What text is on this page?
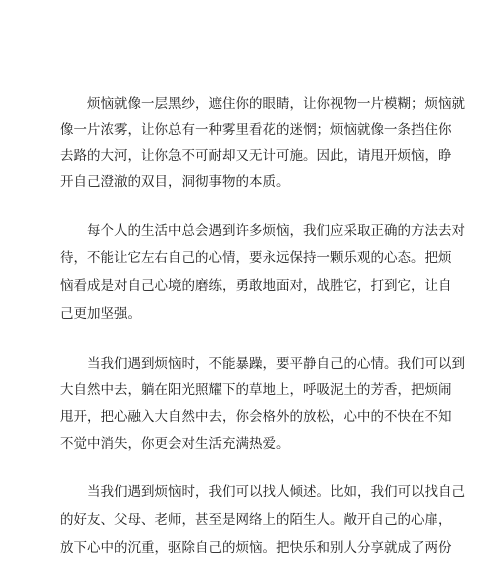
烦恼就像一层黑纱，遮住你的眼睛，让你视物一片模糊；烦恼就
像一片浓雾，让你总有一种雾里看花的迷惘；烦恼就像一条挡住你
去路的大河，让你急不可耐却又无计可施。因此，请甩开烦恼，睁
开自己澄澈的双目，洞彻事物的本质。
每个人的生活中总会遇到许多烦恼，我们应采取正确的方法去对
待，不能让它左右自己的心情，要永远保持一颗乐观的心态。把烦
恼看成是对自己心境的磨练，勇敢地面对，战胜它，打到它，让自
己更加坚强。
当我们遇到烦恼时，不能暴躁，要平静自己的心情。我们可以到
大自然中去，躺在阳光照耀下的草地上，呼吸泥土的芳香，把烦闹
甩开，把心融入大自然中去，你会格外的放松，心中的不快在不知
不觉中消失，你更会对生活充满热爱。
当我们遇到烦恼时，我们可以找人倾述。比如，我们可以找自己
的好友、父母、老师，甚至是网络上的陌生人。敞开自己的心扉，
放下心中的沉重，驱除自己的烦恼。把快乐和别人分享就成了两份
